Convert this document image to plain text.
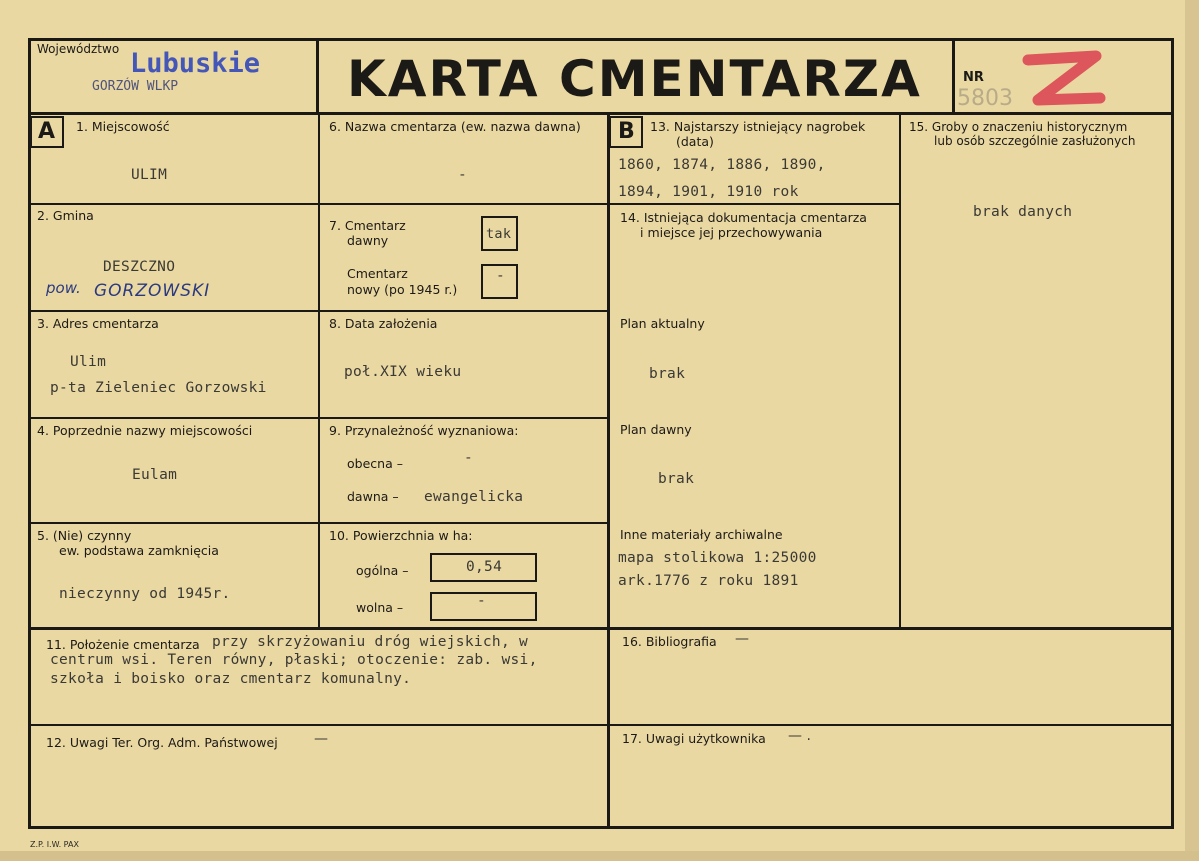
Województwo Lubuskie
GORZÓW WLKP	KARTA CMENTARZA	NR
5803
A	B
1. Miejscowość
ULIM
2. Gmina
DESZCZNO
pow. GORZOWSKI
3. Adres cmentarza
Ulim
p-ta Zieleniec Gorzowski
4. Poprzednie nazwy miejscowości
Eulam
5. (Nie) czynny
ew. podstawa zamknięcia
nieczynny od 1945r.
6. Nazwa cmentarza (ew. nazwa dawna)
-
7. Cmentarz
dawny	tak
Cmentarz
nowy (po 1945 r.)
-
8. Data założenia
poł.XIX wieku
9. Przynależność wyznaniowa:
obecna –	-
dawna – ewangelicka
10. Powierzchnia w ha:
ogólna –	0,54
wolna –	-
11. Położenie cmentarza przy skrzyżowaniu dróg wiejskich, w
centrum wsi. Teren równy, płaski; otoczenie: zab. wsi,
szkoła i boisko oraz cmentarz komunalny.
12. Uwagi Ter. Org. Adm. Państwowej	—
13. Najstarszy istniejący nagrobek
(data)
1860, 1874, 1886, 1890,
1894, 1901, 1910 rok
14. Istniejąca dokumentacja cmentarza
i miejsce jej przechowywania
Plan aktualny
brak
Plan dawny
brak
Inne materiały archiwalne
mapa stolikowa 1:25000
ark.1776 z roku 1891
15. Groby o znaczeniu historycznym
lub osób szczególnie zasłużonych
brak danych
16. Bibliografia —
17. Uwagi użytkownika — .
Z.P. I.W. PAX
